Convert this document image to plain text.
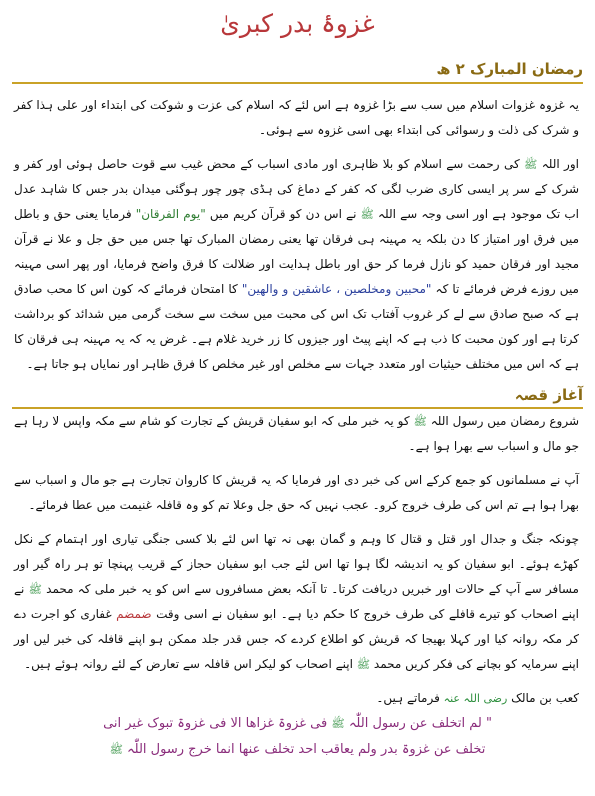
غزوۂ بدر کبریٰ
رمضان المبارک ۲ ھ
یہ غزوہ غزوات اسلام میں سب سے بڑا غزوہ ہے اس لئے کہ اسلام کی عزت و شوکت کی ابتداء اور علی ہذا کفر و شرک کی ذلت و رسوائی کی ابتداء بھی اسی غزوہ سے ہوئی۔
اور اللہ ﷺ کی رحمت سے اسلام کو بلا ظاہری اور مادی اسباب کے محض غیب سے قوت حاصل ہوئی اور کفر و شرک کے سر پر ایسی کاری ضرب لگی کہ کفر کے دماغ کی ہڈی چور چور ہوگئی میدان بدر جس کا شاہد عدل اب تک موجود ہے اور اسی وجہ سے اللہ ﷺ نے اس دن کو قرآن کریم میں "یوم الفرقان" فرمایا یعنی حق و باطل میں فرق اور امتیاز کا دن بلکہ یہ مہینہ ہی فرقان تھا یعنی رمضان المبارک تھا جس میں حق جل و علا نے قرآن مجید اور فرقان حمید کو نازل فرما کر حق اور باطل ہدایت اور ضلالت کا فرق واضح فرمایا، اور پھر اسی مہینہ میں روزے فرض فرمائے تا کہ "محبین ومخلصین ، عاشقین و والھین" کا امتحان فرمائے کہ کون اس کا محب صادق ہے کہ صبح صادق سے لے کر غروب آفتاب تک اس کی محبت میں سخت سے سخت گرمی میں شدائد کو برداشت کرتا ہے اور کون محبت کا ذب ہے کہ اپنے پیٹ اور جیزوں کا زر خرید غلام ہے۔ غرض یہ کہ یہ مہینہ ہی فرقان کا ہے کہ اس میں مختلف حیثیات اور متعدد جہات سے مخلص اور غیر مخلص کا فرق ظاہر اور نمایاں ہو جاتا ہے۔
آغاز قصہ
شروع رمضان میں رسول اللہ ﷺ کو یہ خبر ملی کہ ابو سفیان قریش کے تجارت کو شام سے مکہ واپس لا رہا ہے جو مال و اسباب سے بھرا ہوا ہے۔
آپ نے مسلمانوں کو جمع کرکے اس کی خبر دی اور فرمایا کہ یہ قریش کا کاروان تجارت ہے جو مال و اسباب سے بھرا ہوا ہے تم اس کی طرف خروج کرو۔ عجب نہیں کہ حق جل وعلا تم کو وہ قافلہ غنیمت میں عطا فرمائے۔
چونکہ جنگ و جدال اور قتل و قتال کا وہم و گمان بھی نہ تھا اس لئے بلا کسی جنگی تیاری اور اہتمام کے نکل کھڑے ہوئے۔ ابو سفیان کو یہ اندیشہ لگا ہوا تھا اس لئے جب ابو سفیان حجاز کے قریب پہنچا تو ہر راہ گیر اور مسافر سے آپ کے حالات اور خبریں دریافت کرتا۔ تا آنکہ بعض مسافروں سے اس کو یہ خبر ملی کہ محمد ﷺ نے اپنے اصحاب کو تیرے قافلے کی طرف خروج کا حکم دیا ہے۔ ابو سفیان نے اسی وقت ضمضم غفاری کو اجرت دے کر مکہ روانہ کیا اور کہلا بھیجا کہ قریش کو اطلاع کردے کہ جس قدر جلد ممکن ہو اپنے قافلہ کی خبر لیں اور اپنے سرمایہ کو بچانے کی فکر کریں محمد ﷺ اپنے اصحاب کو لیکر اس قافلہ سے تعارض کے لئے روانہ ہوئے ہیں۔
کعب بن مالک رضی اللہ عنہ فرماتے ہیں۔
" لم اتخلف عن رسول اللّٰہ ﷺ فی غزوۃ غزاھا الا فی غزوۃ تبوک غیر انی
تخلف عن غزوۃ بدر ولم یعاقب احد تخلف عنھا انما خرج رسول اللّٰہ ﷺ
